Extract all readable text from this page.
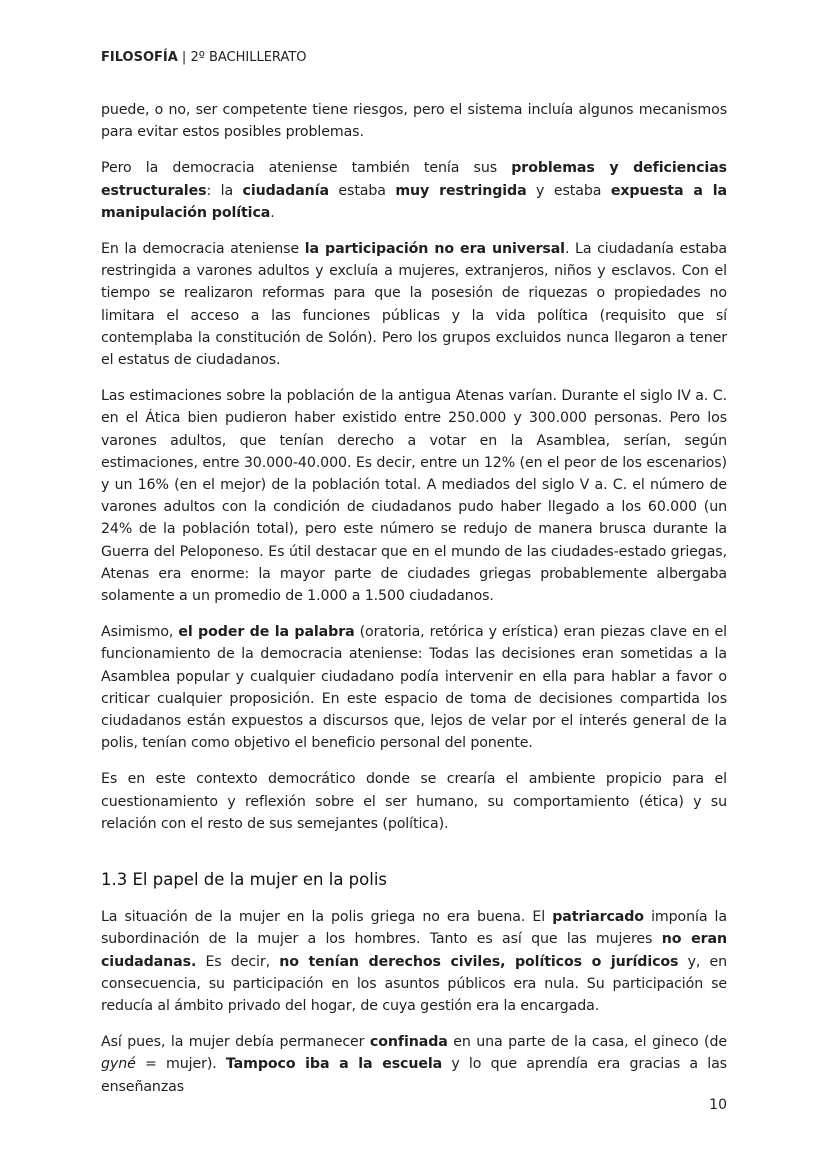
FILOSOFÍA | 2º BACHILLERATO

puede, o no, ser competente tiene riesgos, pero el sistema incluía algunos mecanismos para evitar estos posibles problemas.

Pero la democracia ateniense también tenía sus problemas y deficiencias estructurales: la ciudadanía estaba muy restringida y estaba expuesta a la manipulación política.

En la democracia ateniense la participación no era universal. La ciudadanía estaba restringida a varones adultos y excluía a mujeres, extranjeros, niños y esclavos. Con el tiempo se realizaron reformas para que la posesión de riquezas o propiedades no limitara el acceso a las funciones públicas y la vida política (requisito que sí contemplaba la constitución de Solón). Pero los grupos excluidos nunca llegaron a tener el estatus de ciudadanos.

Las estimaciones sobre la población de la antigua Atenas varían. Durante el siglo IV a. C. en el Ática bien pudieron haber existido entre 250.000 y 300.000 personas. Pero los varones adultos, que tenían derecho a votar en la Asamblea, serían, según estimaciones, entre 30.000-40.000. Es decir, entre un 12% (en el peor de los escenarios) y un 16% (en el mejor) de la población total. A mediados del siglo V a. C. el número de varones adultos con la condición de ciudadanos pudo haber llegado a los 60.000 (un 24% de la población total), pero este número se redujo de manera brusca durante la Guerra del Peloponeso. Es útil destacar que en el mundo de las ciudades-estado griegas, Atenas era enorme: la mayor parte de ciudades griegas probablemente albergaba solamente a un promedio de 1.000 a 1.500 ciudadanos.

Asimismo, el poder de la palabra (oratoria, retórica y erística) eran piezas clave en el funcionamiento de la democracia ateniense: Todas las decisiones eran sometidas a la Asamblea popular y cualquier ciudadano podía intervenir en ella para hablar a favor o criticar cualquier proposición. En este espacio de toma de decisiones compartida los ciudadanos están expuestos a discursos que, lejos de velar por el interés general de la polis, tenían como objetivo el beneficio personal del ponente.

Es en este contexto democrático donde se crearía el ambiente propicio para el cuestionamiento y reflexión sobre el ser humano, su comportamiento (ética) y su relación con el resto de sus semejantes (política).

1.3 El papel de la mujer en la polis

La situación de la mujer en la polis griega no era buena. El patriarcado imponía la subordinación de la mujer a los hombres. Tanto es así que las mujeres no eran ciudadanas. Es decir, no tenían derechos civiles, políticos o jurídicos y, en consecuencia, su participación en los asuntos públicos era nula. Su participación se reducía al ámbito privado del hogar, de cuya gestión era la encargada.

Así pues, la mujer debía permanecer confinada en una parte de la casa, el gineco (de gyné = mujer). Tampoco iba a la escuela y lo que aprendía era gracias a las enseñanzas

10
